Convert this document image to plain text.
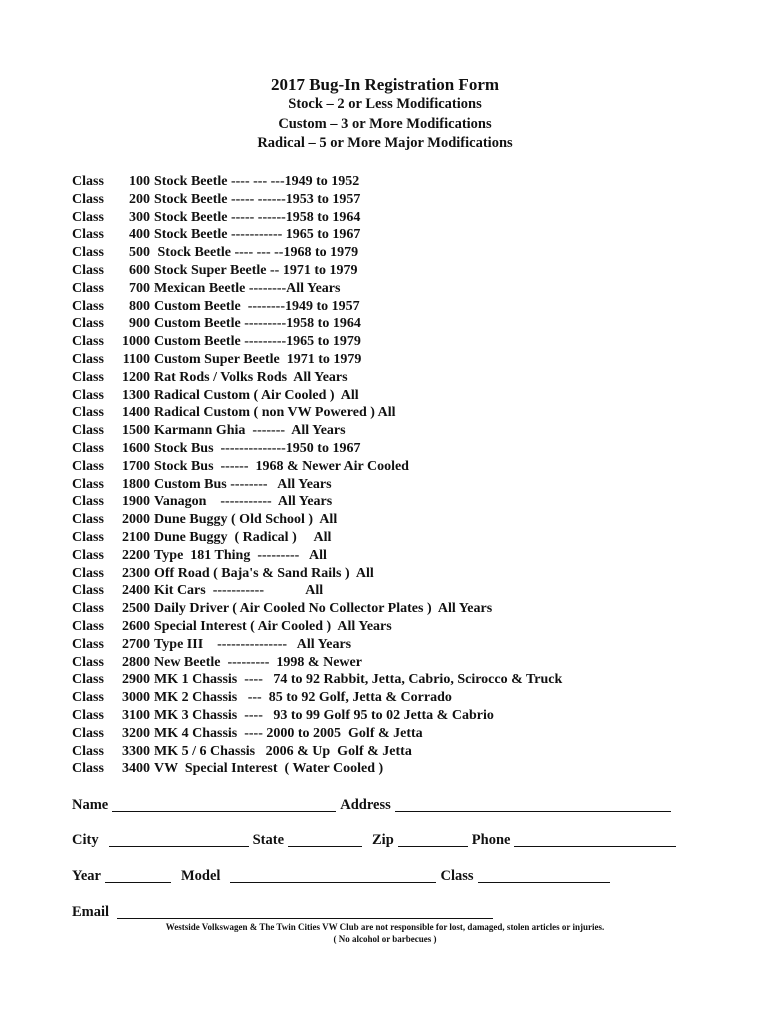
2017 Bug-In Registration Form
Stock – 2 or Less Modifications
Custom – 3 or More Modifications
Radical – 5 or More Major Modifications
Class	100 Stock Beetle ---- --- ---1949 to 1952
Class	200 Stock Beetle ----- ------1953 to 1957
Class	300 Stock Beetle ----- ------1958 to 1964
Class	400 Stock Beetle ----------- 1965 to 1967
Class	500 Stock Beetle ---- --- --1968 to 1979
Class	600 Stock Super Beetle -- 1971 to 1979
Class	700 Mexican Beetle --------All Years
Class	800 Custom Beetle  --------1949 to 1957
Class	900 Custom Beetle ---------1958 to 1964
Class	1000 Custom Beetle ---------1965 to 1979
Class	1100 Custom Super Beetle  1971 to 1979
Class	1200 Rat Rods / Volks Rods  All Years
Class	1300 Radical Custom ( Air Cooled )  All
Class	1400 Radical Custom ( non VW Powered ) All
Class	1500 Karmann Ghia  -------  All Years
Class	1600 Stock Bus  --------------1950 to 1967
Class	1700 Stock Bus  ------  1968 & Newer Air Cooled
Class	1800 Custom Bus --------   All Years
Class	1900 Vanagon    -----------  All Years
Class	2000 Dune Buggy ( Old School )  All
Class	2100 Dune Buggy  ( Radical )     All
Class	2200 Type  181 Thing  ---------   All
Class	2300 Off Road ( Baja's & Sand Rails )  All
Class	2400 Kit Cars  -----------            All
Class	2500 Daily Driver ( Air Cooled No Collector Plates )  All Years
Class	2600 Special Interest ( Air Cooled )  All Years
Class	2700 Type III    ---------------   All Years
Class	2800 New Beetle  ---------  1998 & Newer
Class	2900 MK 1 Chassis  ----   74 to 92 Rabbit, Jetta, Cabrio, Scirocco & Truck
Class	3000 MK 2 Chassis   ---  85 to 92 Golf, Jetta & Corrado
Class	3100 MK 3 Chassis  ----   93 to 99 Golf 95 to 02 Jetta & Cabrio
Class	3200 MK 4 Chassis  ---- 2000 to 2005  Golf & Jetta
Class	3300 MK 5 / 6 Chassis   2006 & Up  Golf & Jetta
Class	3400 VW  Special Interest  ( Water Cooled )
Name	Address
City	State	Zip	Phone
Year	Model	Class
Email
Westside Volkswagen & The Twin Cities VW Club are not responsible for lost, damaged, stolen articles or injuries.
( No alcohol or barbecues )
